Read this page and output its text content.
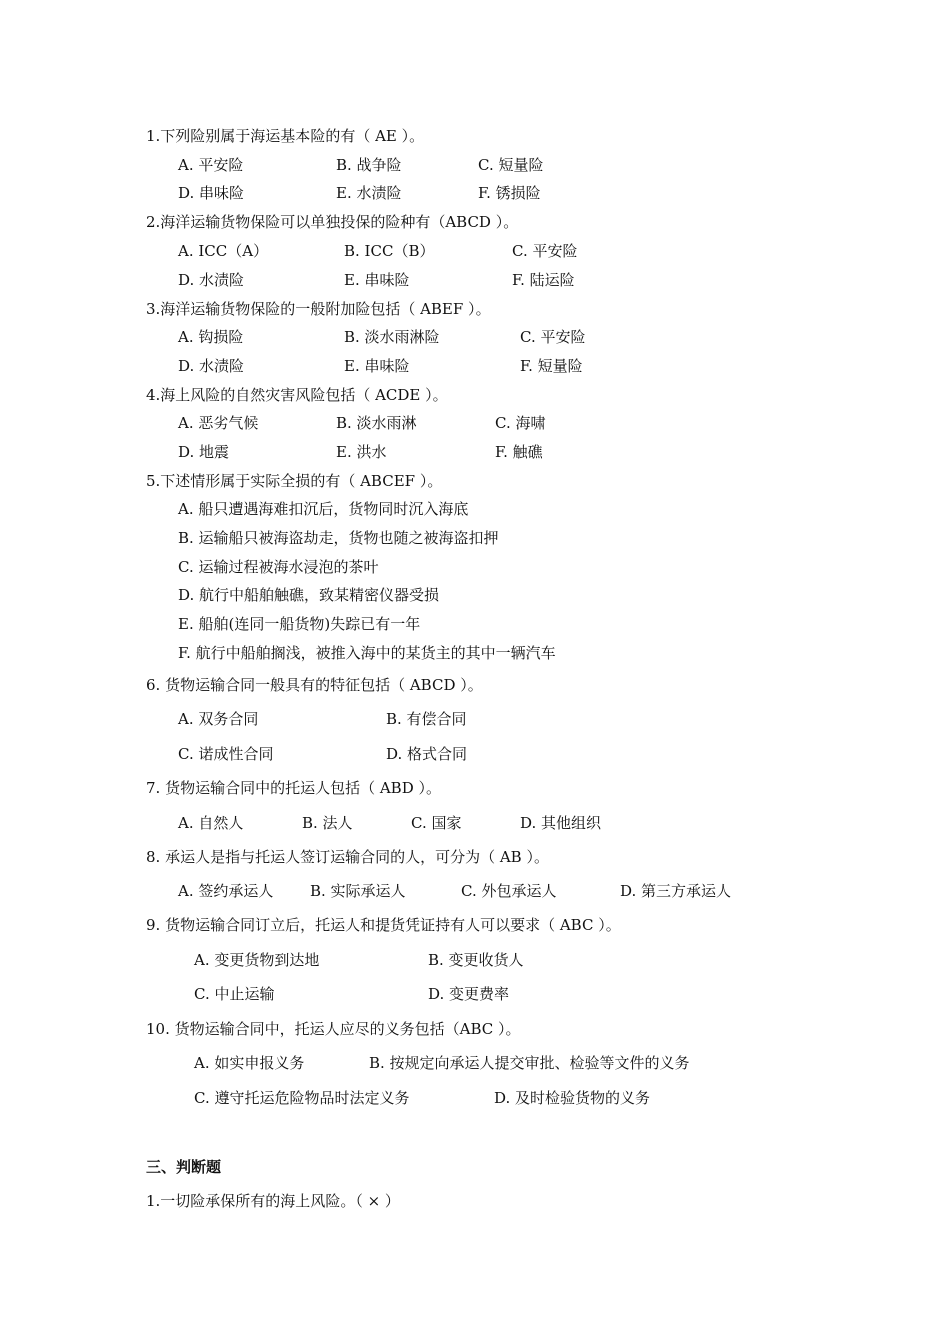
1.下列险别属于海运基本险的有（ AE ）。
A. 平安险	B. 战争险	C. 短量险
D. 串味险	E. 水渍险	F. 锈损险
2.海洋运输货物保险可以单独投保的险种有（ABCD ）。
A. ICC（A）	B. ICC（B）	C. 平安险
D. 水渍险	E. 串味险	F. 陆运险
3.海洋运输货物保险的一般附加险包括（ ABEF ）。
A. 钩损险	B. 淡水雨淋险	C. 平安险
D. 水渍险	E. 串味险	F. 短量险
4.海上风险的自然灾害风险包括（ ACDE ）。
A. 恶劣气候	B. 淡水雨淋	C. 海啸
D. 地震	E. 洪水	F. 触礁
5.下述情形属于实际全损的有（ ABCEF ）。
A. 船只遭遇海难扣沉后，货物同时沉入海底
B. 运输船只被海盗劫走，货物也随之被海盗扣押
C. 运输过程被海水浸泡的茶叶
D. 航行中船舶触礁，致某精密仪器受损
E. 船舶(连同一船货物)失踪已有一年
F. 航行中船舶搁浅，被推入海中的某货主的其中一辆汽车
6. 货物运输合同一般具有的特征包括（ ABCD ）。
A. 双务合同	B. 有偿合同
C. 诺成性合同	D. 格式合同
7. 货物运输合同中的托运人包括（ ABD ）。
A. 自然人	B. 法人	C. 国家	D. 其他组织
8. 承运人是指与托运人签订运输合同的人，可分为（ AB ）。
A. 签约承运人 B. 实际承运人	C. 外包承运人	D. 第三方承运人
9. 货物运输合同订立后，托运人和提货凭证持有人可以要求（ ABC ）。
A. 变更货物到达地	B. 变更收货人
C. 中止运输	D. 变更费率
10. 货物运输合同中，托运人应尽的义务包括（ABC ）。
A. 如实申报义务	B. 按规定向承运人提交审批、检验等文件的义务
C. 遵守托运危险物品时法定义务	D. 及时检验货物的义务
三、判断题
1.一切险承保所有的海上风险。（ × ）
